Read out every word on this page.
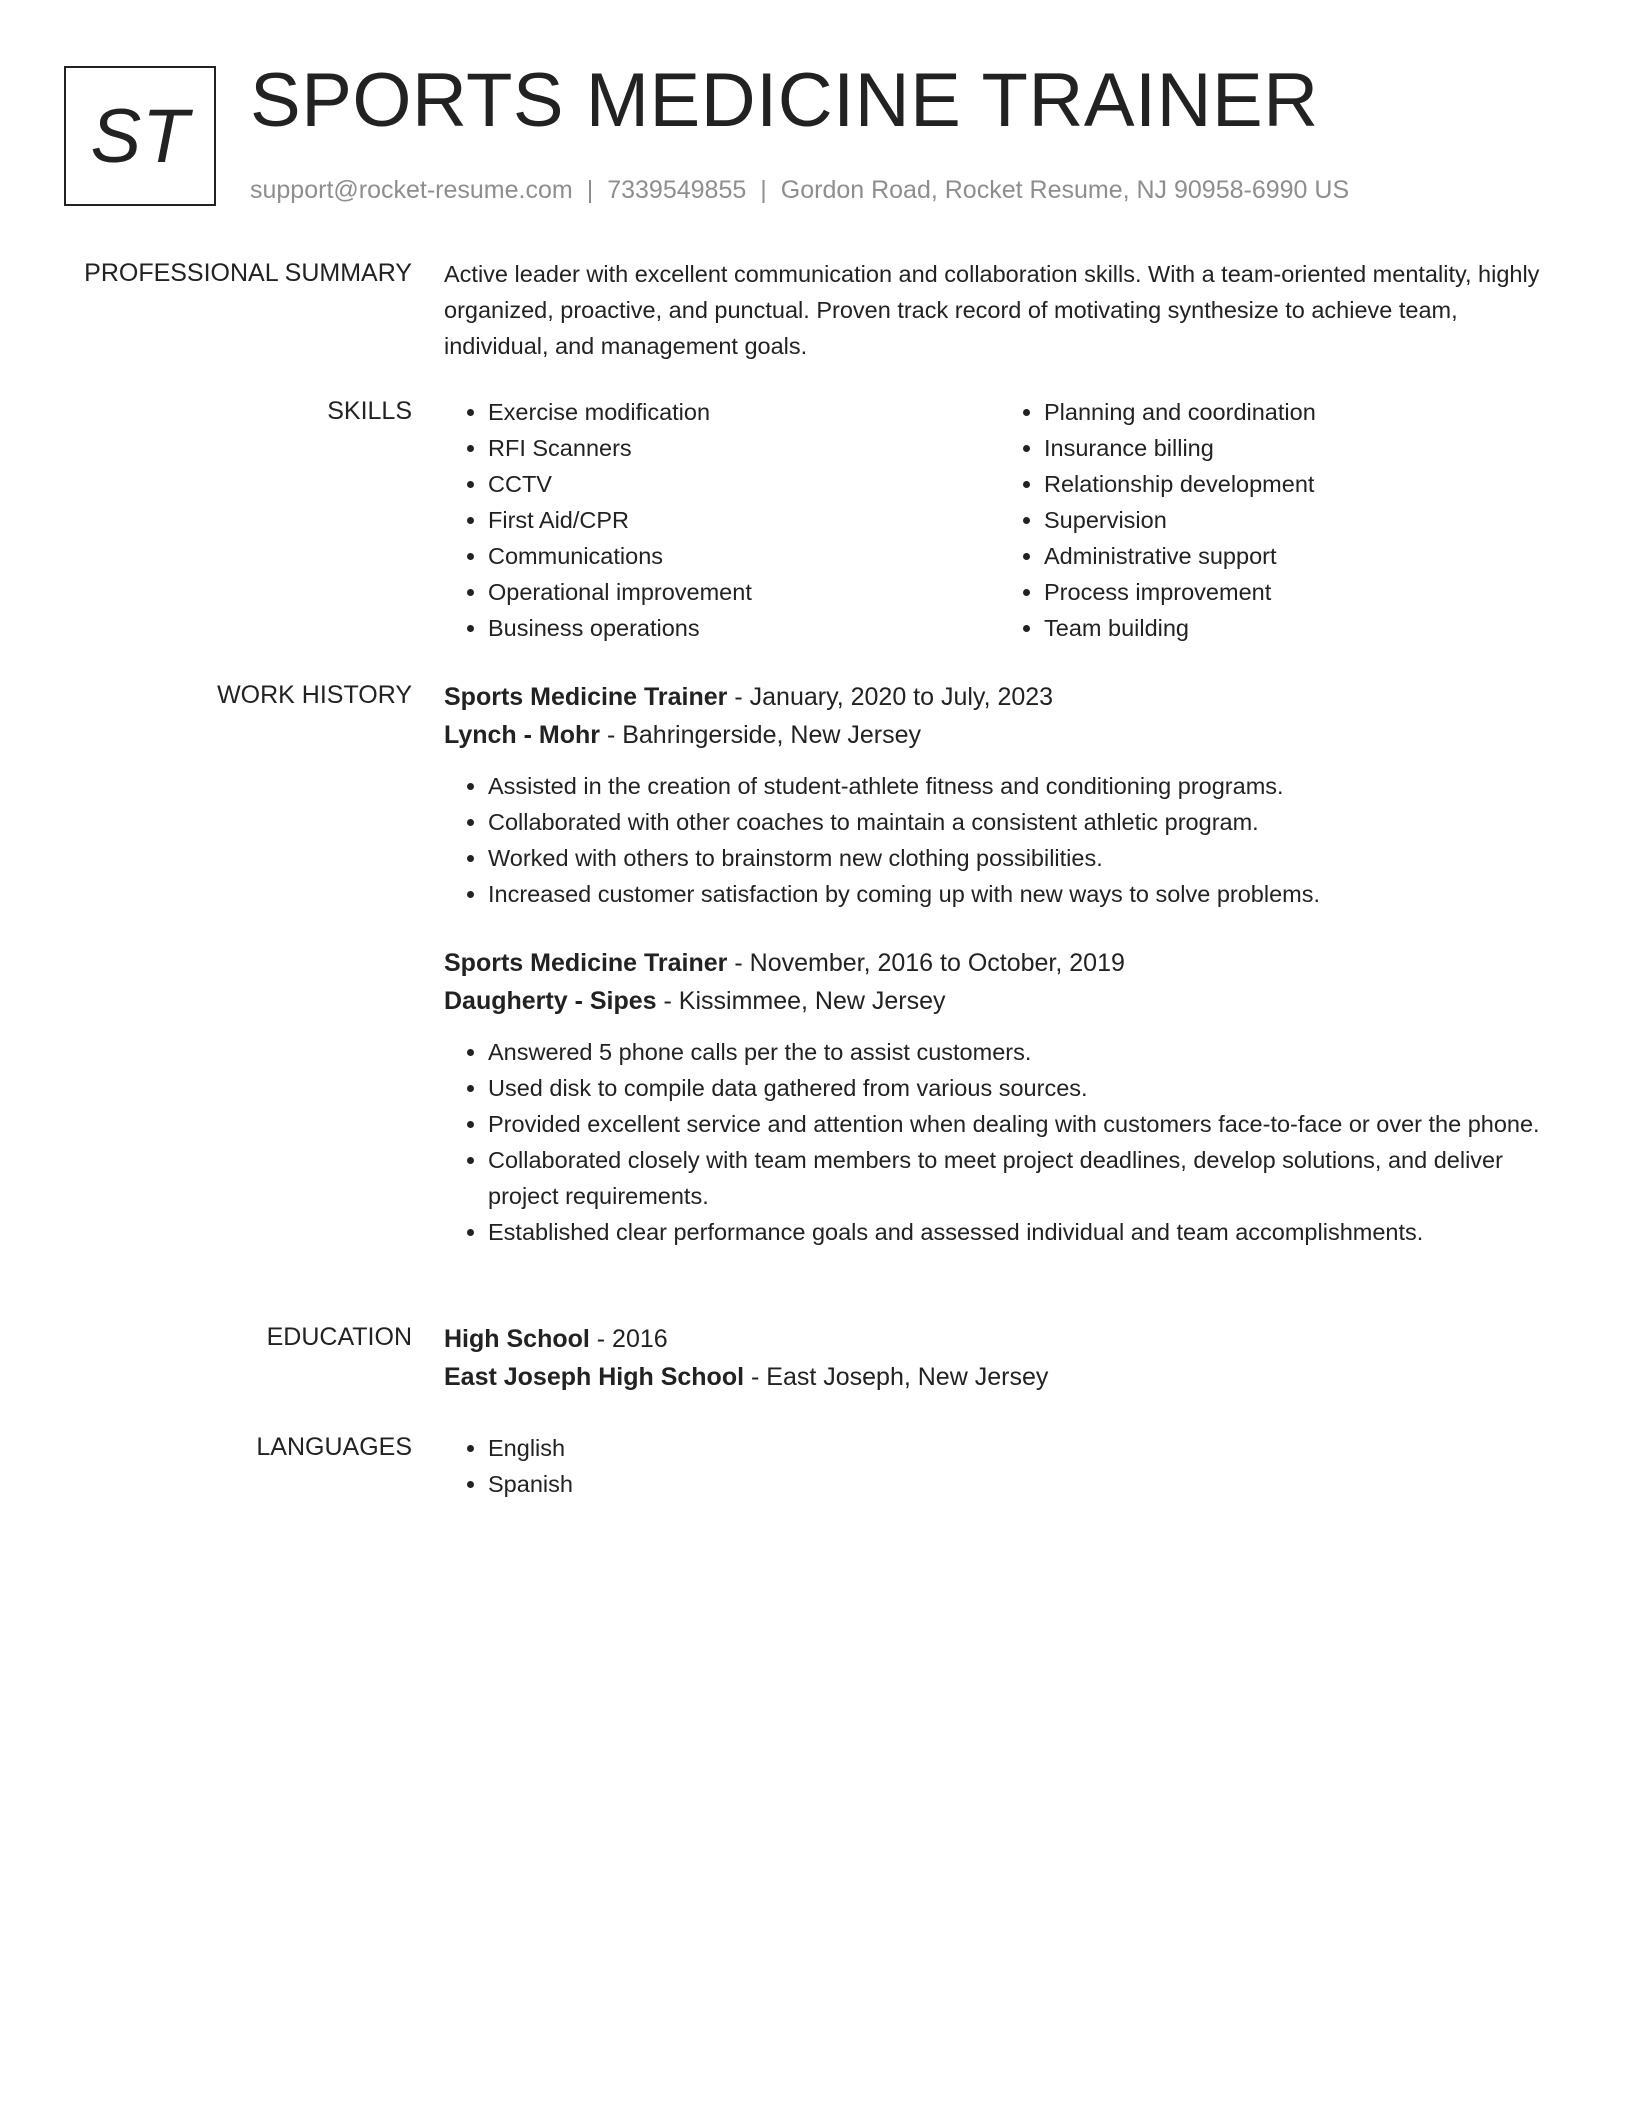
ST SPORTS MEDICINE TRAINER
support@rocket-resume.com | 7339549855 | Gordon Road, Rocket Resume, NJ 90958-6990 US
PROFESSIONAL SUMMARY Active leader with excellent communication and collaboration skills. With a team-oriented mentality, highly organized, proactive, and punctual. Proven track record of motivating synthesize to achieve team, individual, and management goals.

SKILLS	• Exercise modification
• RFI Scanners
• CCTV
• First Aid/CPR
• Communications
• Operational improvement
• Business operations
• Planning and coordination
• Insurance billing
• Relationship development
• Supervision
• Administrative support
• Process improvement
• Team building
WORK HISTORY Sports Medicine Trainer - January, 2020 to July, 2023
Lynch - Mohr - Bahringerside, New Jersey
• Assisted in the creation of student-athlete fitness and conditioning programs.
• Collaborated with other coaches to maintain a consistent athletic program.
• Worked with others to brainstorm new clothing possibilities.
• Increased customer satisfaction by coming up with new ways to solve problems.
Sports Medicine Trainer - November, 2016 to October, 2019
Daugherty - Sipes - Kissimmee, New Jersey
• Answered 5 phone calls per the to assist customers.
• Used disk to compile data gathered from various sources.
• Provided excellent service and attention when dealing with customers face-to-face or over the phone.
• Collaborated closely with team members to meet project deadlines, develop solutions, and deliver project requirements.
• Established clear performance goals and assessed individual and team accomplishments.
EDUCATION High School - 2016
East Joseph High School - East Joseph, New Jersey
LANGUAGES	• English
• Spanish
